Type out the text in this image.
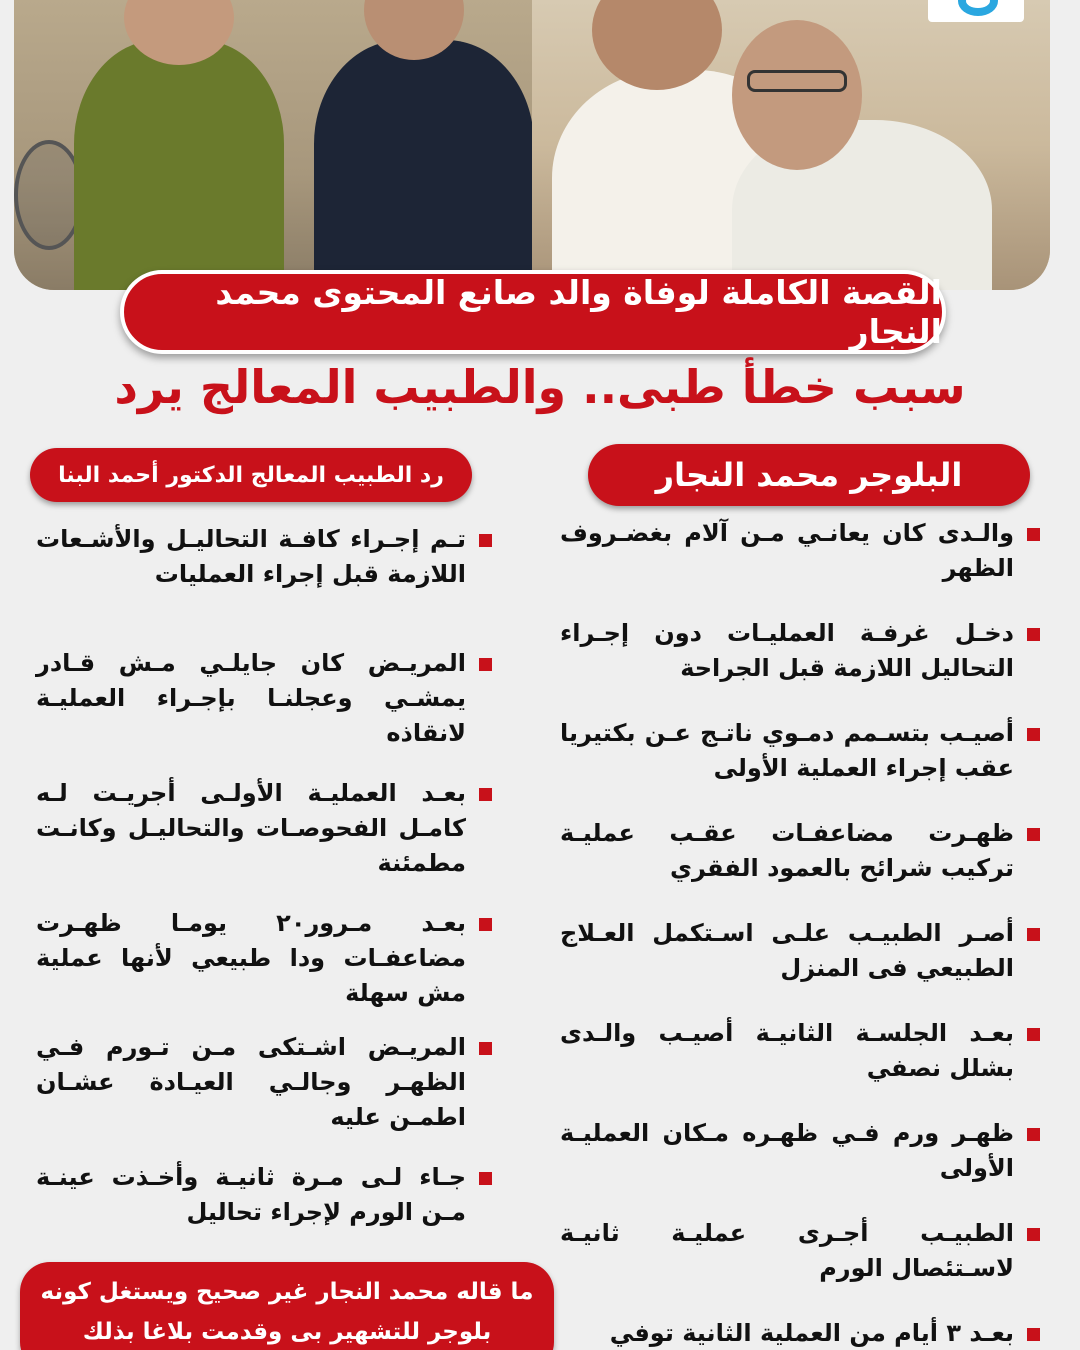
القصة الكاملة لوفاة والد صانع المحتوى محمد النجار
سبب خطأ طبى.. والطبيب المعالج يرد
البلوجر محمد النجار
رد الطبيب المعالج الدكتور أحمد البنا
والـدى كان يعانـي مـن آلام بغضـروف الظهر
دخـل غرفـة العمليـات دون إجـراء التحاليل اللازمة قبل الجراحة
أصيـب بتسـمم دمـوي ناتـج عـن بكتيريا عقب إجراء العملية الأولى
ظهـرت مضاعفـات عقـب عمليـة تركيب شرائح بالعمود الفقري
أصـر الطبيـب علـى اسـتكمل العـلاج الطبيعي فى المنزل
بعـد الجلسـة الثانيـة أصيـب والـدى بشلل نصفي
ظهـر ورم فـي ظهـره مـكان العمليـة الأولى
الطبيـب أجـرى عمليـة ثانيـة لاسـتئصال الورم
بعـد ٣ أيام من العملية الثانية توفي
تـم إجـراء كافـة التحاليـل والأشـعات اللازمة قبل إجراء العمليات
المريـض كان جايلـي مـش قـادر يمشـي وعجلنـا بإجـراء العمليـة لانقاذه
بعـد العمليـة الأولـى أجريـت لـه كامـل الفحوصـات والتحاليـل وكانـت مطمئنة
بعـد مـرور٢٠ يومـا ظهـرت مضاعفـات ودا طبيعي لأنها عملية مش سهلة
المريـض اشـتكى مـن تـورم فـي الظهـر وجالـي العيـادة عشـان اطمـن عليه
جـاء لـى مـرة ثانيـة وأخـذت عينـة مـن الورم لإجراء تحاليل
ما قاله محمد النجار غير صحيح ويستغل كونه بلوجر للتشهير بى وقدمت بلاغا بذلك
